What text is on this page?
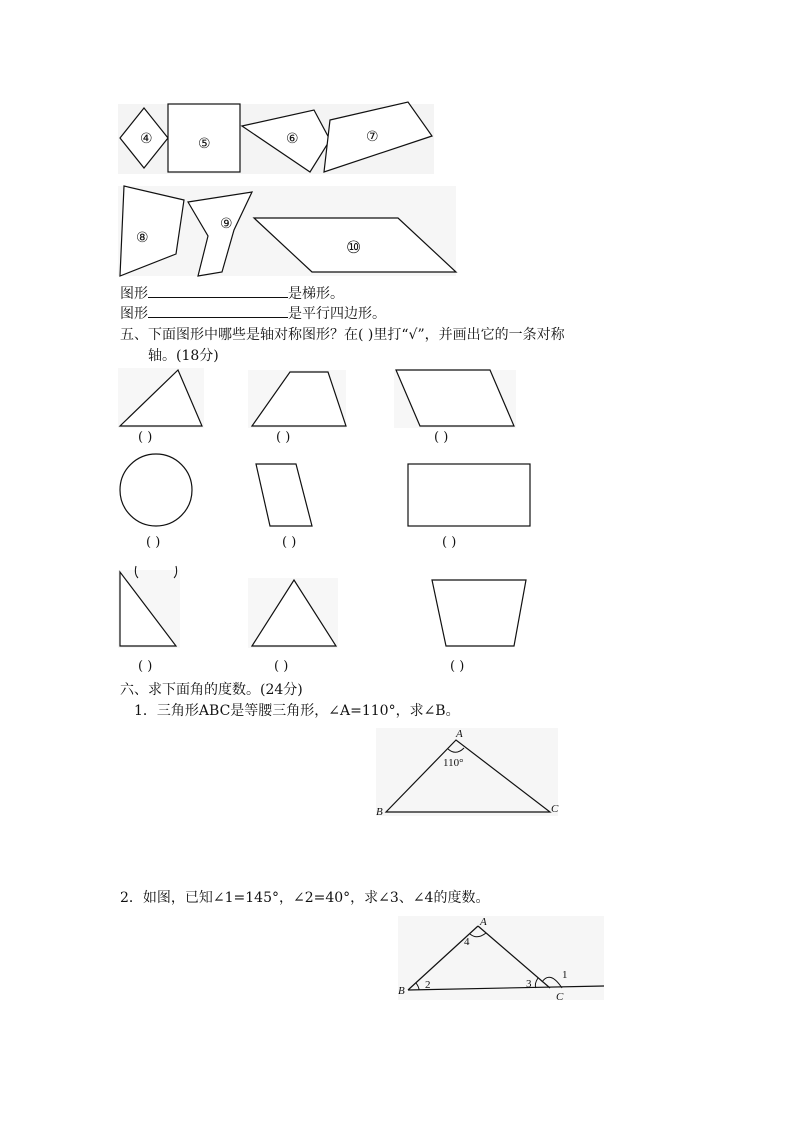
④	⑤	⑥	⑦
⑧
⑨
⑩
A
B	C
110°
A
B	C
1
2	3
4
图形	是梯形。
图形	是平行四边形。
五、下面图形中哪些是轴对称图形？在( )里打“√”，并画出它的一条对称
轴。(18分)
( )	( )	( )
( )	( )	( )
( )	( )	( )
六、求下面角的度数。(24分)
1．三角形ABC是等腰三角形，∠A=110°，求∠B。
2．如图，已知∠1=145°，∠2=40°，求∠3、∠4的度数。
